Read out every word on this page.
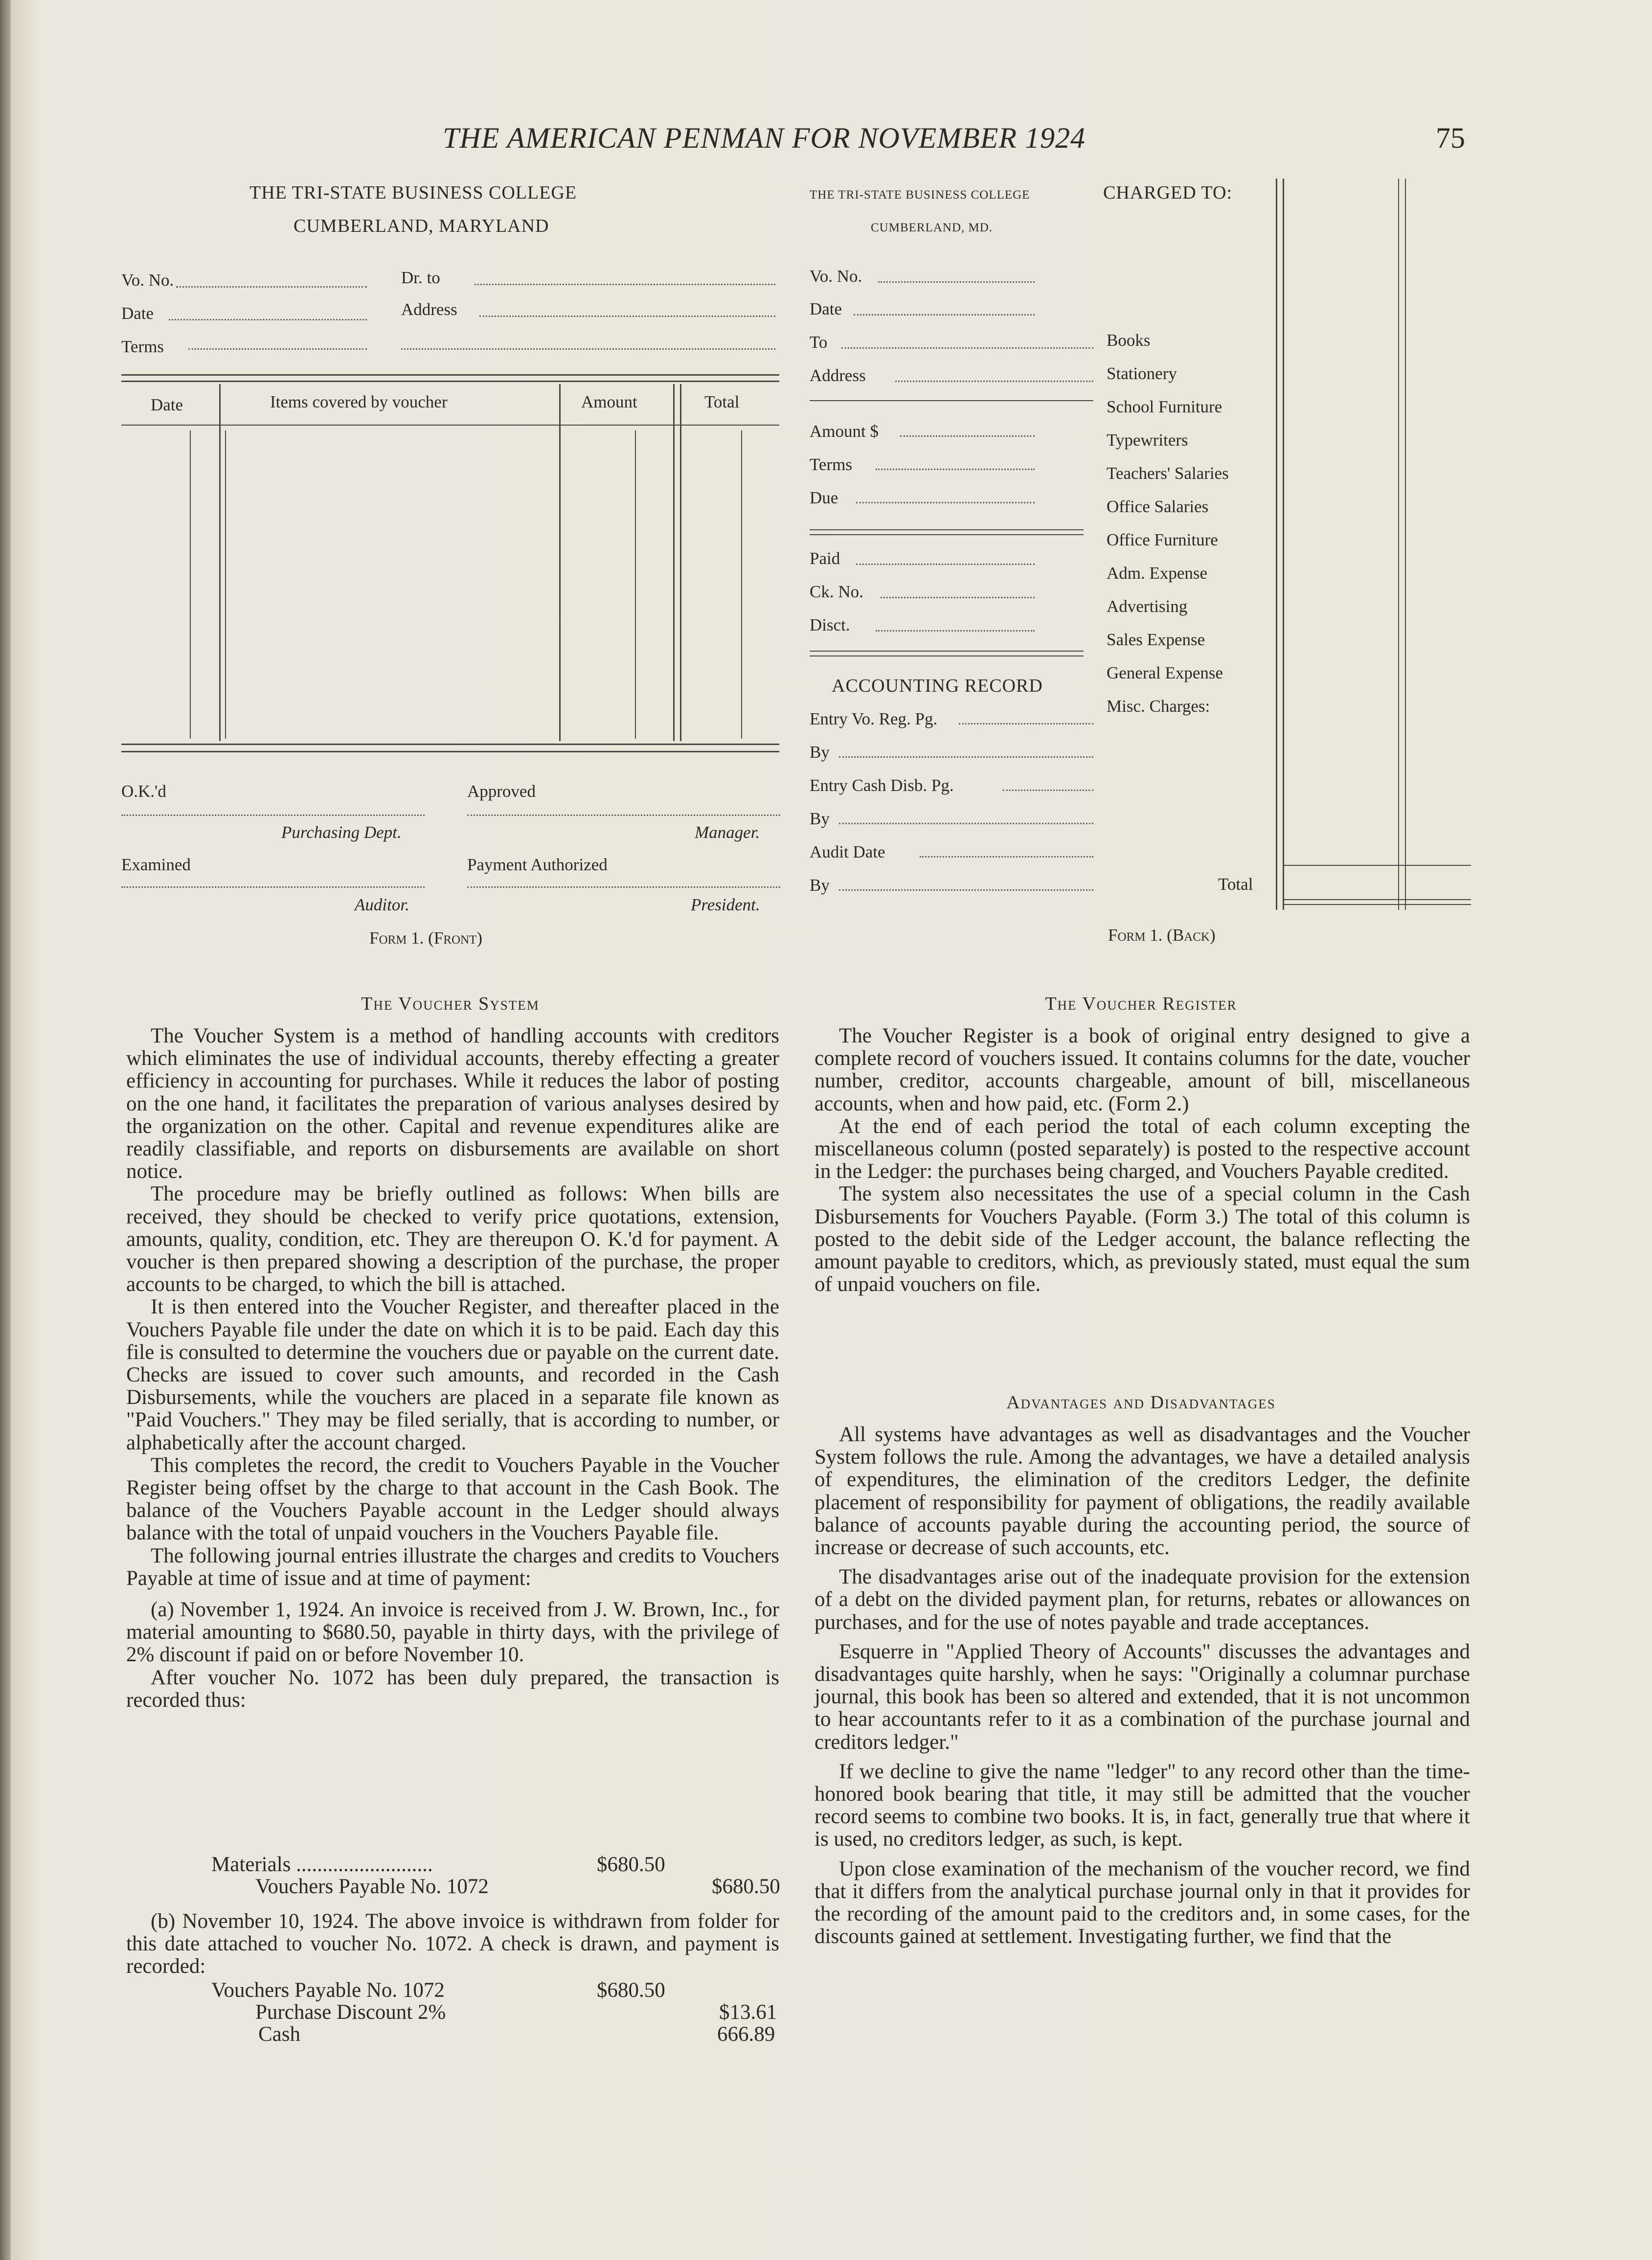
THE AMERICAN PENMAN FOR NOVEMBER 1924	75
THE TRI-STATE BUSINESS COLLEGE
CUMBERLAND, MARYLAND
Vo. No.	Dr. to
Date	Address
Terms
Date	Items covered by voucher	Amount	Total
O.K.'d	Approved
Purchasing Dept.	Manager.
Examined	Payment Authorized
Auditor.	President.
Form 1. (Front)
THE TRI-STATE BUSINESS COLLEGE
CUMBERLAND, MD.
CHARGED TO:
Vo. No.
Date
To
Address
Amount $
Terms
Due
Paid
Ck. No.
Disct.
ACCOUNTING RECORD
Entry Vo. Reg. Pg.
By
Entry Cash Disb. Pg.
By
Audit Date
By
Books
Stationery
School Furniture
Typewriters
Teachers' Salaries
Office Salaries
Office Furniture
Adm. Expense
Advertising
Sales Expense
General Expense
Misc. Charges:
Total
Form 1. (Back)
The Voucher System

The Voucher System is a method of handling accounts with creditors which eliminates the use of individual accounts, thereby effecting a greater efficiency in accounting for purchases. While it reduces the labor of posting on the one hand, it facilitates the preparation of various analyses desired by the organization on the other. Capital and revenue expenditures alike are readily classifiable, and reports on disbursements are available on short notice.

The procedure may be briefly outlined as follows: When bills are received, they should be checked to verify price quotations, extension, amounts, quality, condition, etc. They are thereupon O. K.'d for payment. A voucher is then prepared showing a description of the purchase, the proper accounts to be charged, to which the bill is attached.

It is then entered into the Voucher Register, and thereafter placed in the Vouchers Payable file under the date on which it is to be paid. Each day this file is consulted to determine the vouchers due or payable on the current date. Checks are issued to cover such amounts, and recorded in the Cash Disbursements, while the vouchers are placed in a separate file known as "Paid Vouchers." They may be filed serially, that is according to number, or alphabetically after the account charged.

This completes the record, the credit to Vouchers Payable in the Voucher Register being offset by the charge to that account in the Cash Book. The balance of the Vouchers Payable account in the Ledger should always balance with the total of unpaid vouchers in the Vouchers Payable file.

The following journal entries illustrate the charges and credits to Vouchers Payable at time of issue and at time of payment:

(a) November 1, 1924. An invoice is received from J. W. Brown, Inc., for material amounting to $680.50, payable in thirty days, with the privilege of 2% discount if paid on or before November 10.

After voucher No. 1072 has been duly prepared, the transaction is recorded thus:

Materials ..........................	$680.50
Vouchers Payable No. 1072	$680.50

(b) November 10, 1924. The above invoice is withdrawn from folder for this date attached to voucher No. 1072. A check is drawn, and payment is recorded:

Vouchers Payable No. 1072	$680.50
Purchase Discount 2%	$13.61
Cash	666.89
The Voucher Register

The Voucher Register is a book of original entry designed to give a complete record of vouchers issued. It contains columns for the date, voucher number, creditor, accounts chargeable, amount of bill, miscellaneous accounts, when and how paid, etc. (Form 2.)

At the end of each period the total of each column excepting the miscellaneous column (posted separately) is posted to the respective account in the Ledger: the purchases being charged, and Vouchers Payable credited.

The system also necessitates the use of a special column in the Cash Disbursements for Vouchers Payable. (Form 3.) The total of this column is posted to the debit side of the Ledger account, the balance reflecting the amount payable to creditors, which, as previously stated, must equal the sum of unpaid vouchers on file.

Advantages and Disadvantages

All systems have advantages as well as disadvantages and the Voucher System follows the rule. Among the advantages, we have a detailed analysis of expenditures, the elimination of the creditors Ledger, the definite placement of responsibility for payment of obligations, the readily available balance of accounts payable during the accounting period, the source of increase or decrease of such accounts, etc.

The disadvantages arise out of the inadequate provision for the extension of a debt on the divided payment plan, for returns, rebates or allowances on purchases, and for the use of notes payable and trade acceptances.

Esquerre in "Applied Theory of Accounts" discusses the advantages and disadvantages quite harshly, when he says: "Originally a columnar purchase journal, this book has been so altered and extended, that it is not uncommon to hear accountants refer to it as a combination of the purchase journal and creditors ledger."

If we decline to give the name "ledger" to any record other than the time-honored book bearing that title, it may still be admitted that the voucher record seems to combine two books. It is, in fact, generally true that where it is used, no creditors ledger, as such, is kept.

Upon close examination of the mechanism of the voucher record, we find that it differs from the analytical purchase journal only in that it provides for the recording of the amount paid to the creditors and, in some cases, for the discounts gained at settlement. Investigating further, we find that the
